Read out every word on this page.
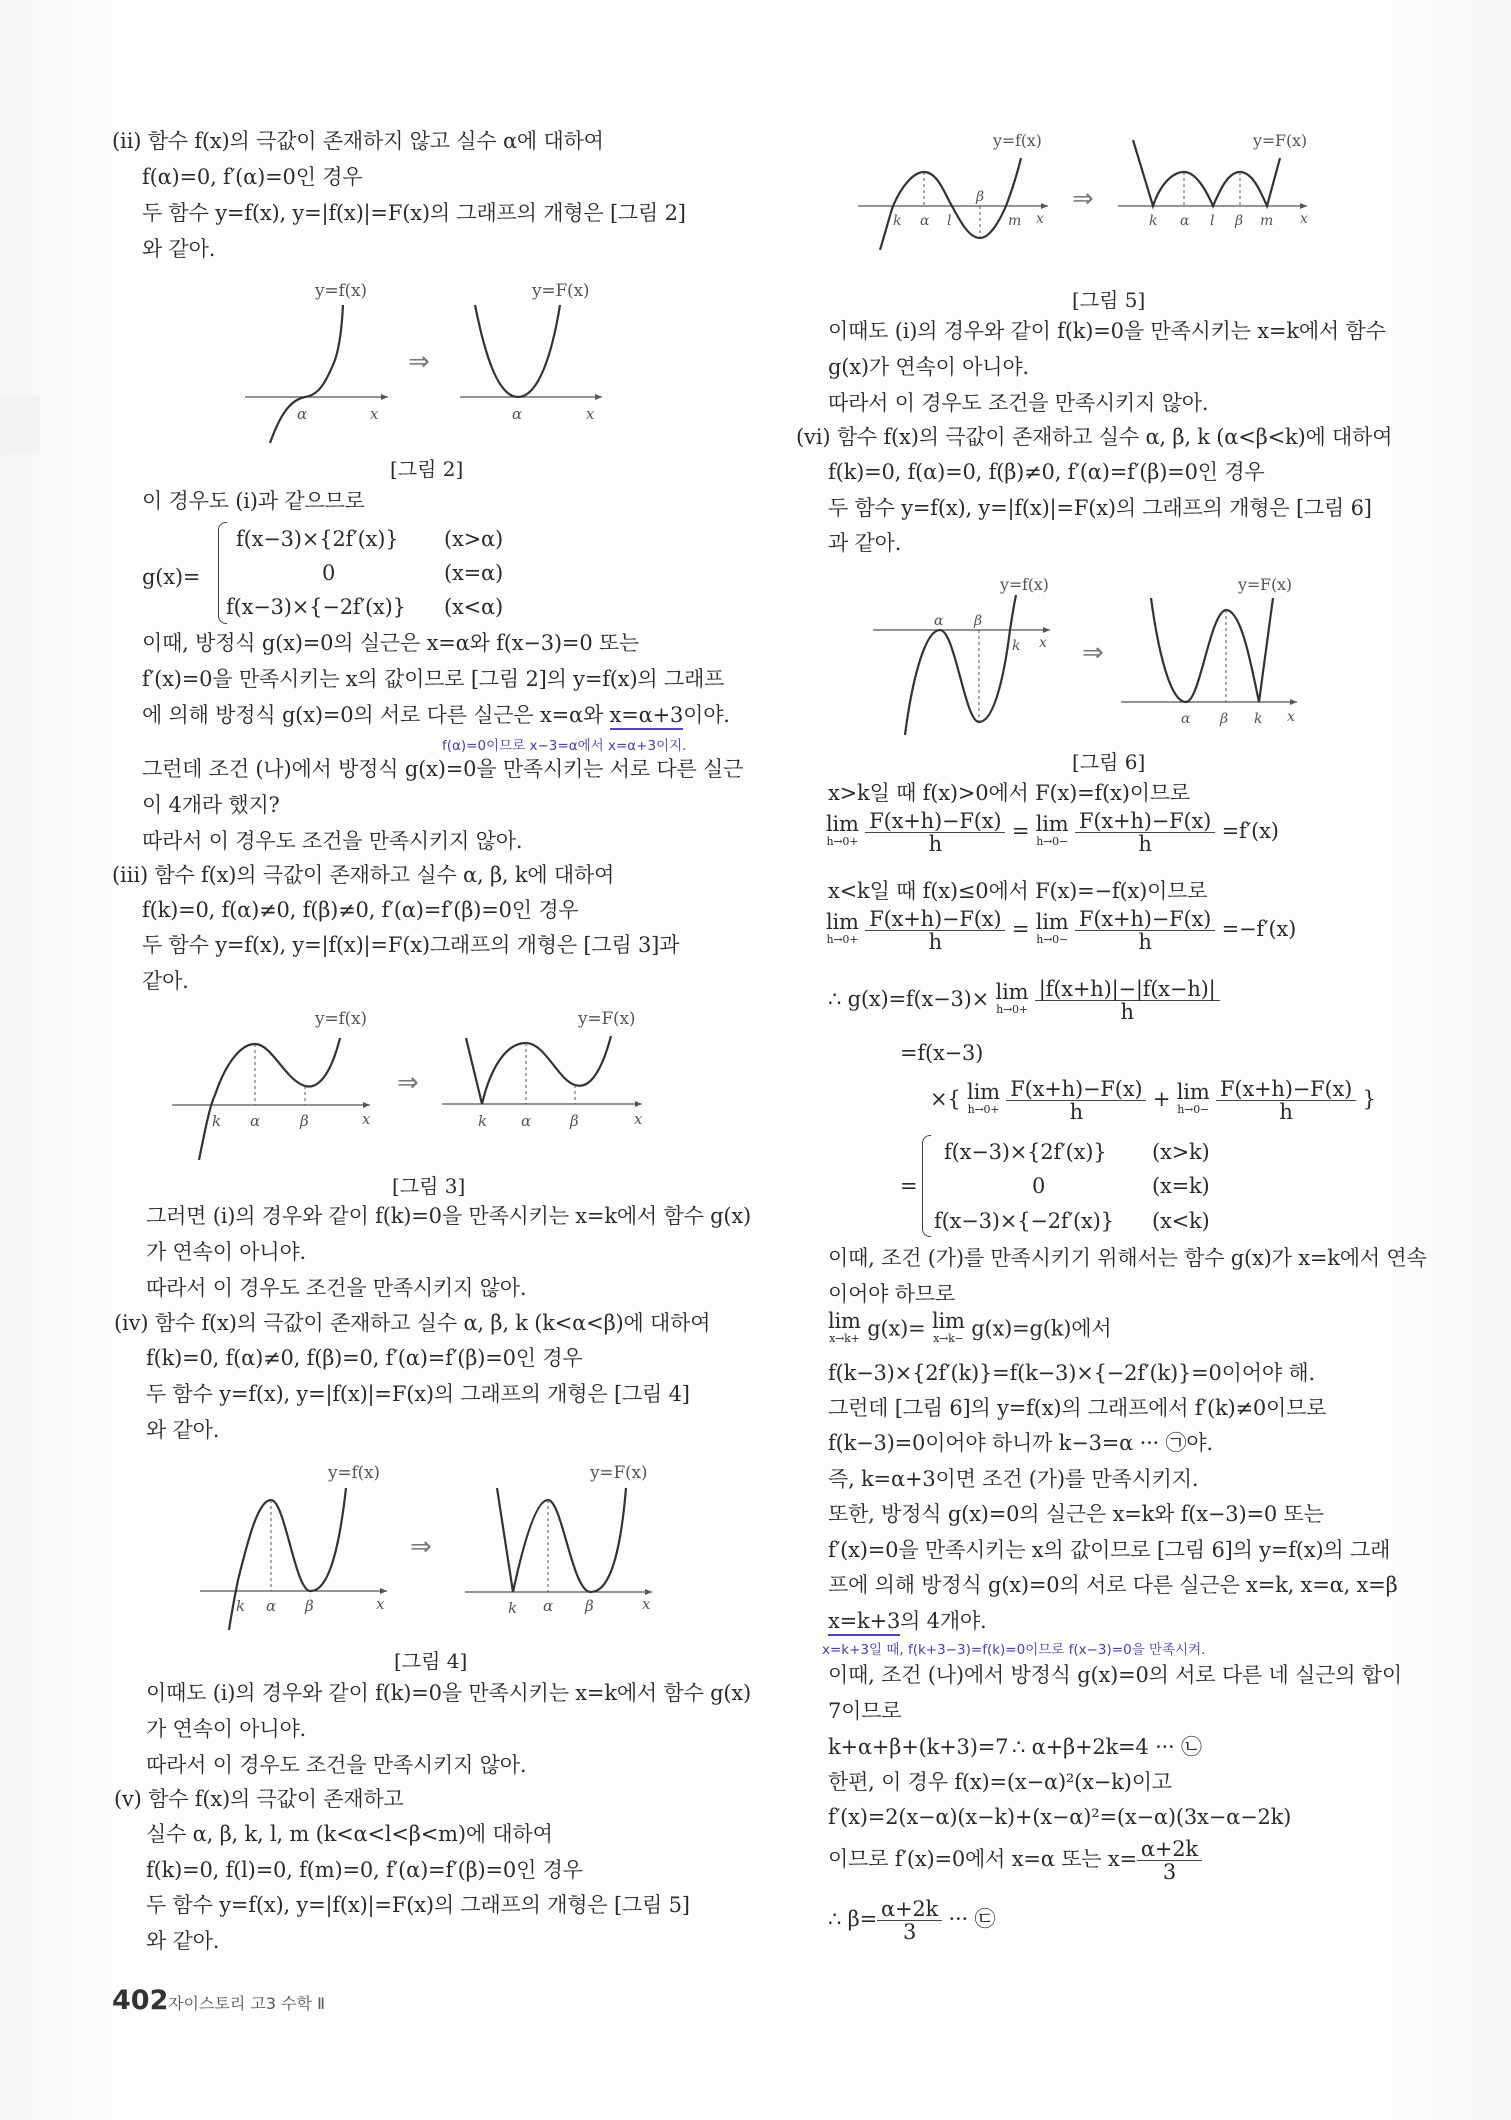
(ⅱ) 함수 f(x)의 극값이 존재하지 않고 실수 α에 대하여
f(α)=0, f′(α)=0인 경우
두 함수 y=f(x), y=|f(x)|=F(x)의 그래프의 개형은 [그림 2]
와 같아.
y=f(x)	y=F(x)
α	x	α	x
⇒
[그림 2]
이 경우도 (ⅰ)과 같으므로
g(x)=
f(x−3)×{2f′(x)} (x>α)
0	(x=α)
f(x−3)×{−2f′(x)} (x<α)
이때, 방정식 g(x)=0의 실근은 x=α와 f(x−3)=0 또는
f′(x)=0을 만족시키는 x의 값이므로 [그림 2]의 y=f(x)의 그래프
에 의해 방정식 g(x)=0의 서로 다른 실근은 x=α와 x=α+3이야.
f(α)=0이므로 x−3=α에서 x=α+3이지.
그런데 조건 (나)에서 방정식 g(x)=0을 만족시키는 서로 다른 실근
이 4개라 했지?
따라서 이 경우도 조건을 만족시키지 않아.
(ⅲ) 함수 f(x)의 극값이 존재하고 실수 α, β, k에 대하여
f(k)=0, f(α)≠0, f(β)≠0, f′(α)=f′(β)=0인 경우
두 함수 y=f(x), y=|f(x)|=F(x)그래프의 개형은 [그림 3]과
같아.
y=f(x)	y=F(x)
k α	β	x	k α	β	x
⇒
[그림 3]
그러면 (ⅰ)의 경우와 같이 f(k)=0을 만족시키는 x=k에서 함수 g(x)
가 연속이 아니야.
따라서 이 경우도 조건을 만족시키지 않아.
(ⅳ) 함수 f(x)의 극값이 존재하고 실수 α, β, k (k<α<β)에 대하여
f(k)=0, f(α)≠0, f(β)=0, f′(α)=f′(β)=0인 경우
두 함수 y=f(x), y=|f(x)|=F(x)의 그래프의 개형은 [그림 4]
와 같아.
y=f(x)	y=F(x)
k α β	x	k α β	x
⇒
[그림 4]
이때도 (ⅰ)의 경우와 같이 f(k)=0을 만족시키는 x=k에서 함수 g(x)
가 연속이 아니야.
따라서 이 경우도 조건을 만족시키지 않아.
(ⅴ) 함수 f(x)의 극값이 존재하고
실수 α, β, k, l, m (k<α<l<β<m)에 대하여
f(k)=0, f(l)=0, f(m)=0, f′(α)=f′(β)=0인 경우
두 함수 y=f(x), y=|f(x)|=F(x)의 그래프의 개형은 [그림 5]
와 같아.
y=f(x)	y=F(x)
k α l
β
m x	k α l β m x
⇒
[그림 5]
이때도 (ⅰ)의 경우와 같이 f(k)=0을 만족시키는 x=k에서 함수
g(x)가 연속이 아니야.
따라서 이 경우도 조건을 만족시키지 않아.
(ⅵ) 함수 f(x)의 극값이 존재하고 실수 α, β, k (α<β<k)에 대하여
f(k)=0, f(α)=0, f(β)≠0, f′(α)=f′(β)=0인 경우
두 함수 y=f(x), y=|f(x)|=F(x)의 그래프의 개형은 [그림 6]
과 같아.
y=f(x)	y=F(x)
α β
k x
α β k x
⇒
[그림 6]
x>k일 때 f(x)>0에서 F(x)=f(x)이므로
lim
h→0+
$\frac{F(x+h)-F(x)}{h} = \lim$
h→0−
$\frac{F(x+h)-F(x)}{h} =f'(x)$
x<k일 때 f(x)≤0에서 F(x)=−f(x)이므로
lim
h→0+
$\frac{F(x+h)-F(x)}{h} = \lim$
h→0−
$\frac{F(x+h)-F(x)}{h} =-f'(x)$
∴ g(x)=f(x−3)× lim
h→0+
$\frac{|f(x+h)|-|f(x-h)|}{h}$
=f(x−3)
×{ lim
h→0+
$\frac{F(x+h)-F(x)}{h} + \lim$
h→0−
$\frac{F(x+h)-F(x)}{h}$ }
=
f(x−3)×{2f′(x)} (x>k)
0	(x=k)
f(x−3)×{−2f′(x)} (x<k)
이때, 조건 (가)를 만족시키기 위해서는 함수 g(x)가 x=k에서 연속
이어야 하므로
lim
x→k+ g(x)= lim
x→k− g(x)=g(k)에서
f(k−3)×{2f′(k)}=f(k−3)×{−2f′(k)}=0이어야 해.
그런데 [그림 6]의 y=f(x)의 그래프에서 f′(k)≠0이므로
f(k−3)=0이어야 하니까 k−3=α ··· ㉠야.
즉, k=α+3이면 조건 (가)를 만족시키지.
또한, 방정식 g(x)=0의 실근은 x=k와 f(x−3)=0 또는
f′(x)=0을 만족시키는 x의 값이므로 [그림 6]의 y=f(x)의 그래
프에 의해 방정식 g(x)=0의 서로 다른 실근은 x=k, x=α, x=β
x=k+3의 4개야.
x=k+3일 때, f(k+3−3)=f(k)=0이므로 f(x−3)=0을 만족시켜.
이때, 조건 (나)에서 방정식 g(x)=0의 서로 다른 네 실근의 합이
7이므로
k+α+β+(k+3)=7 ∴ α+β+2k=4 ··· ㉡
한편, 이 경우 f(x)=(x−α)²(x−k)이고
f′(x)=2(x−α)(x−k)+(x−α)²=(x−α)(3x−α−2k)
이므로 f′(x)=0에서 x=α 또는 $x= \frac{\alpha+2k}{3}$
∴ $\beta= \frac{\alpha+2k}{3}$ ··· ㉢
402 자이스토리 고3 수학 Ⅱ
